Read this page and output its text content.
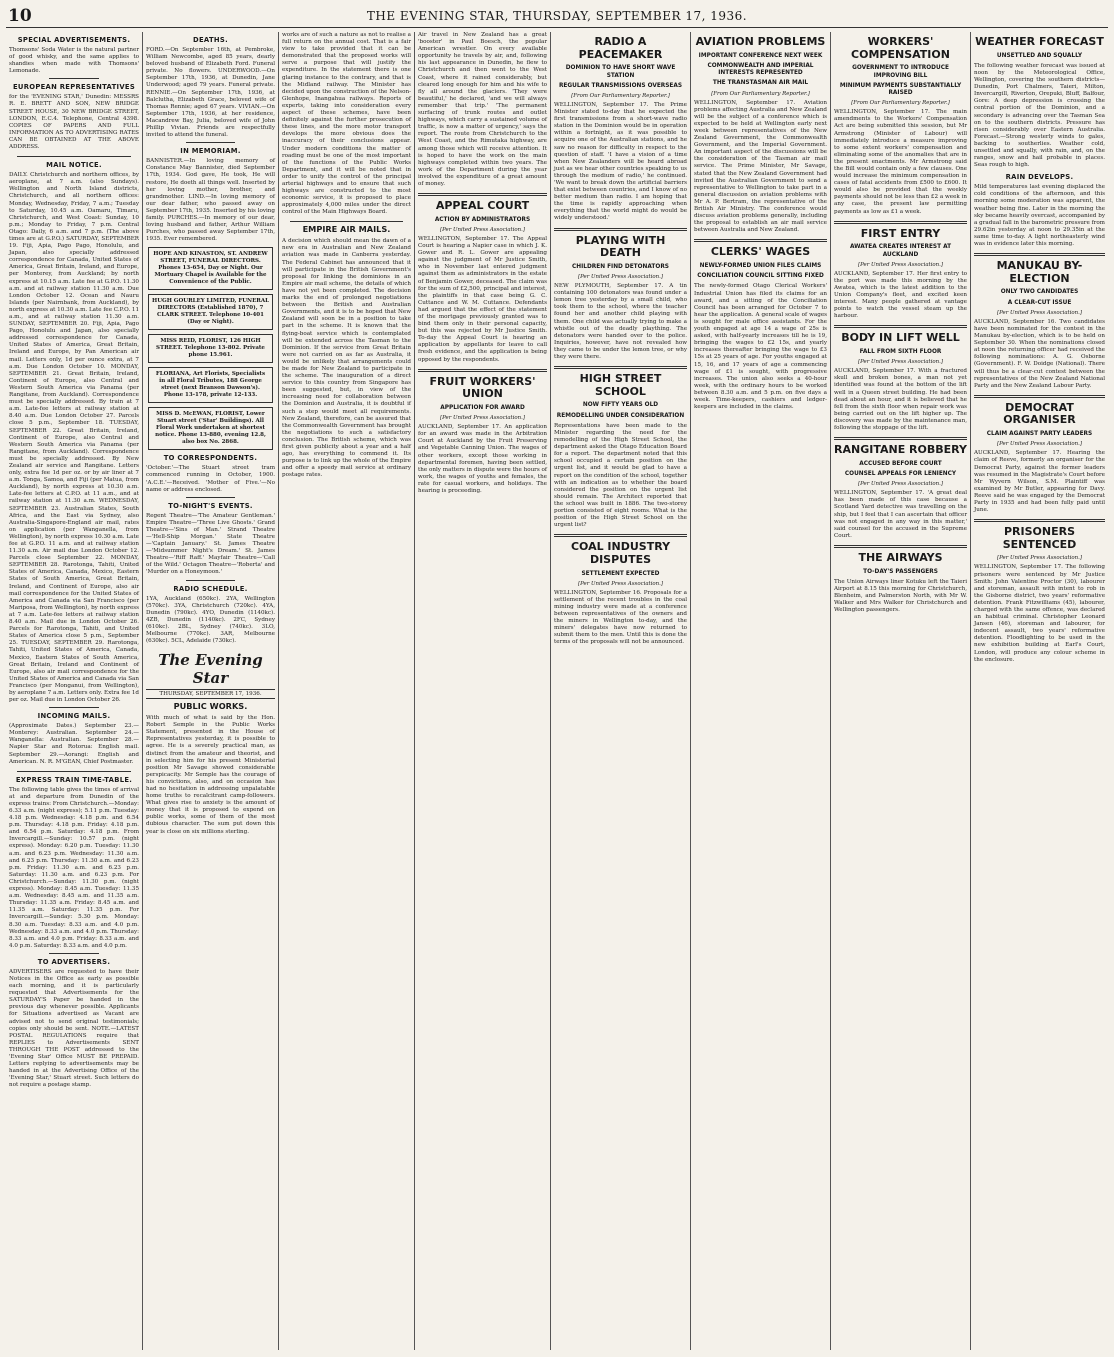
10	THE EVENING STAR, THURSDAY, SEPTEMBER 17, 1936.
SPECIAL ADVERTISEMENTS.
Thomsons' Soda Water is the natural partner of good whisky, and the same applies to shandies when made with Thomsons' Lemonade.
EUROPEAN REPRESENTATIVES
for the 'EVENING STAR,' Dunedin: MESSRS R. E. BRETT AND SON, NEW BRIDGE STREET HOUSE, 30 NEW BRIDGE STREET, LONDON, E.C.4. Telephone, Central 4398. COPIES OF PAPERS AND FULL INFORMATION AS TO ADVERTISING RATES CAN BE OBTAINED AT THE ABOVE ADDRESS.
MAIL NOTICE.
DAILY. Christchurch and northern offices, by aeroplane, at 7 a.m. (also Sundays). Wellington and North Island districts, Christchurch, and all northern offices: Monday, Wednesday, Friday, 7 a.m.; Tuesday to Saturday, 10.45 a.m. Oamaru, Timaru, Christchurch, and West Coast: Sunday, 10 p.m.; Monday to Friday, 7 p.m. Central Otago: Daily, 6 a.m. and 7 p.m. (The above times are at G.P.O.) SATURDAY, SEPTEMBER 19. Fiji, Apia, Pago Pago, Honolulu, and Japan, also specially addressed correspondence for Canada, United States of America, Great Britain, Ireland, and Europe, per Monterey, from Auckland; by north express at 10.15 a.m. Late fee at G.P.O. 11.30 a.m. and at railway station 11.30 a.m. Due London October 12. Ocean and Nauru Islands (per Nairnbank, from Auckland), by north express at 10.30 a.m. Late fee C.P.O. 11 a.m., and at railway station 11.30 a.m. SUNDAY, SEPTEMBER 20. Fiji, Apia, Pago Pago, Honolulu and Japan, also specially addressed correspondence for Canada, United States of America, Great Britain, Ireland and Europe, by Pan American air mail. Letters only, 1d per ounce extra, at 7 a.m. Due London October 10. MONDAY, SEPTEMBER 21. Great Britain, Ireland, Continent of Europe, also Central and Western South America via Panama (per Rangitane, from Auckland). Correspondence must be specially addressed. By train at 7 a.m. Late-fee letters at railway station at 8.40 a.m. Due London October 27. Parcels close 5 p.m., September 18. TUESDAY, SEPTEMBER 22. Great Britain, Ireland, Continent of Europe, also Central and Western South America via Panama (per Rangitane, from Auckland). Correspondence must be specially addressed. By New Zealand air service and Rangitane. Letters only, extra fee 1d per oz. or by air liner at 7 a.m. Tonga, Samoa, and Fiji (per Matua, from Auckland), by north express at 10.30 a.m. Late-fee letters at C.P.O. at 11 a.m., and at railway station at 11.30 a.m. WEDNESDAY, SEPTEMBER 23. Australian States, South Africa, and the East via Sydney, also Australia-Singapore-England air mail, rates on application (per Wanganella, from Wellington), by north express 10.30 a.m. Late fee at G.P.O. 11 a.m. and at railway station 11.30 a.m. Air mail due London October 12. Parcels close September 22. MONDAY, SEPTEMBER 28. Rarotonga, Tahiti, United States of America, Canada, Mexico, Eastern States of South America, Great Britain, Ireland, and Continent of Europe, also air mail correspondence for the United States of America and Canada via San Francisco (per Mariposa, from Wellington), by north express at 7 a.m. Late-fee letters at railway station 8.40 a.m. Mail due in London October 26. Parcels for Rarotonga, Tahiti, and United States of America close 5 p.m., September 25. TUESDAY, SEPTEMBER 29. Rarotonga, Tahiti, United States of America, Canada, Mexico, Eastern States of South America, Great Britain, Ireland and Continent of Europe, also air mail correspondence for the United States of America and Canada via San Francisco (per Monganui, from Wellington), by aeroplane 7 a.m. Letters only. Extra fee 1d per oz. Mail due in London October 26.
INCOMING MAILS.
(Approximate Dates.) September 23.—Monterey: Australian. September 24.—Wanganella: Australian. September 28.—Napier Star and Rotorua: English mail. September 29.—Aorangi: English and American. N. R. M'GEAN, Chief Postmaster.
EXPRESS TRAIN TIME-TABLE.
The following table gives the times of arrival at and departure from Dunedin of the express trains: From Christchurch.—Monday: 6.33 a.m. (night express); 5.11 p.m. Tuesday: 4.18 p.m. Wednesday: 4.18 p.m. and 6.54 p.m. Thursday: 4.18 p.m. Friday: 4.18 p.m. and 6.54 p.m. Saturday: 4.18 p.m. From Invercargill.—Sunday: 10.57 p.m. (night express). Monday: 6.20 p.m. Tuesday: 11.30 a.m. and 6.23 p.m. Wednesday: 11.30 a.m. and 6.23 p.m. Thursday: 11.30 a.m. and 6.23 p.m. Friday: 11.30 a.m. and 6.23 p.m. Saturday: 11.30 a.m. and 6.23 p.m. For Christchurch.—Sunday: 11.30 p.m. (night express). Monday: 8.45 a.m. Tuesday: 11.35 a.m. Wednesday: 8.45 a.m. and 11.35 a.m. Thursday: 11.35 a.m. Friday: 8.45 a.m. and 11.35 a.m. Saturday: 11.35 p.m. For Invercargill.—Sunday: 5.30 p.m. Monday: 8.30 a.m. Tuesday: 8.33 a.m. and 4.0 p.m. Wednesday: 8.33 a.m. and 4.0 p.m. Thursday: 8.33 a.m. and 4.0 p.m. Friday: 8.33 a.m. and 4.0 p.m. Saturday: 8.33 a.m. and 4.0 p.m.
TO ADVERTISERS.
ADVERTISERS are requested to have their Notices in the Office as early as possible each morning, and it is particularly requested that Advertisements for the SATURDAY'S Paper be handed in the previous day whenever possible. Applicants for Situations advertised as Vacant are advised not to send original testimonials; copies only should be sent. NOTE.—LATEST POSTAL REGULATIONS require that REPLIES to Advertisements SENT THROUGH THE POST addressed to the 'Evening Star' Office MUST BE PREPAID. Letters replying to advertisements may be handed in at the Advertising Office of the 'Evening Star,' Stuart street. Such letters do not require a postage stamp.
DEATHS.
FORD.—On September 16th, at Pembroke, William Newcombe, aged 85 years, dearly beloved husband of Elizabeth Ford. Funeral private. No flowers. UNDERWOOD.—On September 17th, 1936, at Dunedin, Jane Underwood; aged 79 years. Funeral private. RENNIE.—On September 17th, 1936, at Balclutha, Elizabeth Grace, beloved wife of Thomas Rennie; aged 67 years. VIVIAN.—On September 17th, 1936, at her residence, Macandrew Bay, Julia, beloved wife of John Phillip Vivian. Friends are respectfully invited to attend the funeral.
IN MEMORIAM.
BANNISTER.—In loving memory of Constance May Bannister, died September 17th, 1934. God gave, He took, He will restore, He doeth all things well. Inserted by her loving mother, brother, and grandmother. LIND.—In loving memory of our dear father, who passed away on September 17th, 1935. Inserted by his loving family. PURCHES.—In memory of our dear, loving husband and father, Arthur William Purches, who passed away September 17th, 1935. Ever remembered.
HOPE AND KINASTON, ST. ANDREW STREET, FUNERAL DIRECTORS. Phones 13-654, Day or Night. Our Mortuary Chapel is Available for the Convenience of the Public.
HUGH GOURLEY LIMITED, FUNERAL DIRECTORS (Established 1870), 7 CLARK STREET. Telephone 10-401 (Day or Night).
MISS REID, FLORIST, 126 HIGH STREET. Telephone 13-802. Private phone 15.961.
FLORIANA, Art Florists, Specialists in all Floral Tributes, 188 George street (next Branson Dawson's). Phone 13-178, private 12-133.
MISS D. McEWAN, FLORIST, Lower Stuart street ('Star' Buildings). All Floral Work undertaken at shortest notice. Phone 13-880, evening 12.8, also box No. 2868.
TO CORRESPONDENTS.
'October.'—The Stuart street tram commenced running in October, 1900. 'A.C.E.'—Received. 'Mother of Five.'—No name or address enclosed.
TO-NIGHT'S EVENTS.
Regent Theatre—'The Amateur Gentleman.' Empire Theatre—'Three Live Ghosts.' Grand Theatre—'Sins of Man.' Strand Theatre—'Hell-Ship Morgan.' State Theatre—'Captain January.' St. James Theatre—'Midsummer Night's Dream.' St. James Theatre—'Riff Raff.' Mayfair Theatre—'Call of the Wild.' Octagon Theatre—'Roberta' and 'Murder on a Honeymoon.'
RADIO SCHEDULE.
1YA, Auckland (650kc). 2YA, Wellington (570kc). 3YA, Christchurch (720kc). 4YA, Dunedin (790kc). 4YO, Dunedin (1140kc). 4ZB, Dunedin (1140kc). 2FC, Sydney (610kc). 2BL, Sydney (740kc). 3LO, Melbourne (770kc). 3AR, Melbourne (630kc). 5CL, Adelaide (730kc).
The Evening Star
THURSDAY, SEPTEMBER 17, 1936.
PUBLIC WORKS.
With much of what is said by the Hon. Robert Semple in the Public Works Statement, presented in the House of Representatives yesterday, it is possible to agree. He is a severely practical man, as distinct from the amateur and theorist, and in selecting him for his present Ministerial position Mr Savage showed considerable perspicacity. Mr Semple has the courage of his convictions, also, and on occasion has had no hesitation in addressing unpalatable home truths to recalcitrant camp-followers. What gives rise to anxiety is the amount of money that it is proposed to expend on public works, some of them of the most dubious character. The sum put down this year is close on six millions sterling.
works are of such a nature as not to realise a full return on the annual cost. That is a fair view to take provided that it can be demonstrated that the proposed works will serve a purpose that will justify the expenditure. In the statement there is one glaring instance to the contrary, and that is the Midland railway. The Minister has decided upon the construction of the Nelson-Glenhope, Inangahua railways. Reports of experts, taking into consideration every aspect of these schemes, have been definitely against the further prosecution of these lines, and the more motor transport develops the more obvious does the inaccuracy of their conclusions appear. Under modern conditions the matter of roading must be one of the most important of the functions of the Public Works Department, and it will be noted that in order to unify the control of the principal arterial highways and to ensure that such highways are constructed to the most economic service, it is proposed to place approximately 4,000 miles under the direct control of the Main Highways Board.
EMPIRE AIR MAILS.
A decision which should mean the dawn of a new era in Australian and New Zealand aviation was made in Canberra yesterday. The Federal Cabinet has announced that it will participate in the British Government's proposal for linking the dominions in an Empire air mail scheme, the details of which have not yet been completed. The decision marks the end of prolonged negotiations between the British and Australian Governments, and it is to be hoped that New Zealand will soon be in a position to take part in the scheme. It is known that the flying-boat service which is contemplated will be extended across the Tasman to the Dominion. If the service from Great Britain were not carried on as far as Australia, it would be unlikely that arrangements could be made for New Zealand to participate in the scheme. The inauguration of a direct service to this country from Singapore has been suggested, but, in view of the increasing need for collaboration between the Dominion and Australia, it is doubtful if such a step would meet all requirements. New Zealand, therefore, can be assured that the Commonwealth Government has brought the negotiations to such a satisfactory conclusion. The British scheme, which was first given publicity about a year and a half ago, has everything to commend it. Its purpose is to link up the whole of the Empire and offer a speedy mail service at ordinary postage rates.
Air travel in New Zealand has a great 'booster' in Paul Boesch, the popular American wrestler. On every available opportunity he travels by air, and, following his last appearance in Dunedin, he flew to Christchurch and then went to the West Coast, where it rained considerably, but cleared long enough for him and his wife to fly all around the glaciers. 'They were beautiful,' he declared, 'and we will always remember that trip.' 'The permanent surfacing of trunk routes and outlet highways, which carry a sustained volume of traffic, is now a matter of urgency,' says the report. The route from Christchurch to the West Coast, and the Rimutaka highway, are among those which will receive attention. It is hoped to have the work on the main highways completed within two years. The work of the Department during the year involved the expenditure of a great amount of money.
APPEAL COURT
ACTION BY ADMINISTRATORS
[Per United Press Association.]
WELLINGTON, September 17. The Appeal Court is hearing a Napier case in which J. K. Gower and R. L. Gower are appealing against the judgment of Mr Justice Smith, who in November last entered judgment against them as administrators in the estate of Benjamin Gower, deceased. The claim was for the sum of £2,500, principal and interest, the plaintiffs in that case being G. C. Cuttance and W. M. Cuttance. Defendants had argued that the effect of the statement of the mortgage previously granted was to bind them only in their personal capacity, but this was rejected by Mr Justice Smith. To-day the Appeal Court is hearing an application by appellants for leave to call fresh evidence, and the application is being opposed by the respondents.
FRUIT WORKERS' UNION
APPLICATION FOR AWARD
[Per United Press Association.]
AUCKLAND, September 17. An application for an award was made in the Arbitration Court at Auckland by the Fruit Preserving and Vegetable Canning Union. The wages of other workers, except those working in departmental foremen, having been settled, the only matters in dispute were the hours of work, the wages of youths and females, the rate for casual workers, and holidays. The hearing is proceeding.
RADIO A PEACEMAKER
DOMINION TO HAVE SHORT WAVE STATION
REGULAR TRANSMISSIONS OVERSEAS
[From Our Parliamentary Reporter.]
WELLINGTON, September 17. The Prime Minister stated to-day that he expected the first transmissions from a short-wave radio station in the Dominion would be in operation within a fortnight, as it was possible to acquire one of the Australian stations, and he saw no reason for difficulty in respect to the question of staff. 'I have a vision of a time when New Zealanders will be heard abroad just as we hear other countries speaking to us through the medium of radio,' he continued. 'We want to break down the artificial barriers that exist between countries, and I know of no better medium than radio. I am hoping that the time is rapidly approaching when everything that the world might do would be widely understood.'
PLAYING WITH DEATH
CHILDREN FIND DETONATORS
[Per United Press Association.]
NEW PLYMOUTH, September 17. A tin containing 100 detonators was found under a lemon tree yesterday by a small child, who took them to the school, where the teacher found her and another child playing with them. One child was actually trying to make a whistle out of the deadly plaything. The detonators were handed over to the police. Inquiries, however, have not revealed how they came to be under the lemon tree, or why they were there.
HIGH STREET SCHOOL
NOW FIFTY YEARS OLD
REMODELLING UNDER CONSIDERATION
Representations have been made to the Minister regarding the need for the remodelling of the High Street School, the department asked the Otago Education Board for a report. The department noted that this school occupied a certain position on the urgent list, and it would be glad to have a report on the condition of the school, together with an indication as to whether the board considered the position on the urgent list should remain. The Architect reported that the school was built in 1886. The two-storey portion consisted of eight rooms. What is the position of the High Street School on the urgent list?
COAL INDUSTRY DISPUTES
SETTLEMENT EXPECTED
[Per United Press Association.]
WELLINGTON, September 16. Proposals for a settlement of the recent troubles in the coal mining industry were made at a conference between representatives of the owners and the miners in Wellington to-day, and the miners' delegates have now returned to submit them to the men. Until this is done the terms of the proposals will not be announced.
AVIATION PROBLEMS
IMPORTANT CONFERENCE NEXT WEEK
COMMONWEALTH AND IMPERIAL INTERESTS REPRESENTED
THE TRANSTASMAN AIR MAIL
[From Our Parliamentary Reporter.]
WELLINGTON, September 17. Aviation problems affecting Australia and New Zealand will be the subject of a conference which is expected to be held at Wellington early next week between representatives of the New Zealand Government, the Commonwealth Government, and the Imperial Government. An important aspect of the discussions will be the consideration of the Tasman air mail service. The Prime Minister, Mr Savage, stated that the New Zealand Government had invited the Australian Government to send a representative to Wellington to take part in a general discussion on aviation problems with Mr A. P. Bertram, the representative of the British Air Ministry. The conference would discuss aviation problems generally, including the proposal to establish an air mail service between Australia and New Zealand.
CLERKS' WAGES
NEWLY-FORMED UNION FILES CLAIMS
CONCILIATION COUNCIL SITTING FIXED
The newly-formed Otago Clerical Workers' Industrial Union has filed its claims for an award, and a sitting of the Conciliation Council has been arranged for October 7 to hear the application. A general scale of wages is sought for male office assistants. For the youth engaged at age 14 a wage of 25s is asked, with half-yearly increases till he is 19, bringing the wages to £2 15s, and yearly increases thereafter bringing the wage to £3 15s at 25 years of age. For youths engaged at 15, 16, and 17 years of age a commencing wage of £1 is sought, with progressive increases. The union also seeks a 40-hour week, with the ordinary hours to be worked between 8.30 a.m. and 5 p.m. on five days a week. Time-keepers, cashiers and ledger-keepers are included in the claims.
WORKERS' COMPENSATION
GOVERNMENT TO INTRODUCE IMPROVING BILL
MINIMUM PAYMENTS SUBSTANTIALLY RAISED
[From Our Parliamentary Reporter.]
WELLINGTON, September 17. The main amendments to the Workers' Compensation Act are being submitted this session, but Mr Armstrong (Minister of Labour) will immediately introduce a measure improving to some extent workers' compensation and eliminating some of the anomalies that are in the present enactments. Mr Armstrong said the Bill would contain only a few clauses. One would increase the minimum compensation in cases of fatal accidents from £500 to £600. It would also be provided that the weekly payments should not be less than £2 a week in any case, the present law permitting payments as low as £1 a week.
FIRST ENTRY
AWATEA CREATES INTEREST AT AUCKLAND
[Per United Press Association.]
AUCKLAND, September 17. Her first entry to the port was made this morning by the Awatea, which is the latest addition to the Union Company's fleet, and excited keen interest. Many people gathered at vantage points to watch the vessel steam up the harbour.
BODY IN LIFT WELL
FALL FROM SIXTH FLOOR
[Per United Press Association.]
AUCKLAND, September 17. With a fractured skull and broken bones, a man not yet identified was found at the bottom of the lift well in a Queen street building. He had been dead about an hour, and it is believed that he fell from the sixth floor when repair work was being carried out on the lift higher up. The discovery was made by the maintenance man, following the stoppage of the lift.
RANGITANE ROBBERY
ACCUSED BEFORE COURT
COUNSEL APPEALS FOR LENIENCY
[Per United Press Association.]
WELLINGTON, September 17. 'A great deal has been made of this case because a Scotland Yard detective was travelling on the ship, but I feel that I can ascertain that officer was not engaged in any way in this matter,' said counsel for the accused in the Supreme Court.
THE AIRWAYS
TO-DAY'S PASSENGERS
The Union Airways liner Kotuku left the Taieri Airport at 8.15 this morning for Christchurch, Blenheim, and Palmerston North, with Mr W. Walker and Mrs Walker for Christchurch and Wellington passengers.
WEATHER FORECAST
UNSETTLED AND SQUALLY
The following weather forecast was issued at noon by the Meteorological Office, Wellington, covering the southern districts—Dunedin, Port Chalmers, Taieri, Milton, Invercargill, Riverton, Orepuki, Bluff, Balfour, Gore: A deep depression is crossing the central portion of the Dominion, and a secondary is advancing over the Tasman Sea on to the southern districts. Pressure has risen considerably over Eastern Australia. Forecast.—Strong westerly winds to gales, backing to southerlies. Weather cold, unsettled and squally, with rain, and, on the ranges, snow and hail probable in places. Seas rough to high.
RAIN DEVELOPS.
Mild temperatures last evening displaced the cold conditions of the afternoon, and this morning some moderation was apparent, the weather being fine. Later in the morning the sky became heavily overcast, accompanied by a gradual fall in the barometric pressure from 29.62in yesterday at noon to 29.35in at the same time to-day. A light northeasterly wind was in evidence later this morning.
MANUKAU BY-ELECTION
ONLY TWO CANDIDATES
A CLEAR-CUT ISSUE
[Per United Press Association.]
AUCKLAND, September 16. Two candidates have been nominated for the contest in the Manukau by-election, which is to be held on September 30. When the nominations closed at noon the returning officer had received the following nominations: A. G. Osborne (Government). F. W. Doidge (National). There will thus be a clear-cut contest between the representatives of the New Zealand National Party and the New Zealand Labour Party.
DEMOCRAT ORGANISER
CLAIM AGAINST PARTY LEADERS
[Per United Press Association.]
AUCKLAND, September 17. Hearing the claim of Reeve, formerly an organiser for the Democrat Party, against the former leaders was resumed in the Magistrate's Court before Mr Wyvern Wilson, S.M. Plaintiff was examined by Mr Butler, appearing for Davy. Reeve said he was engaged by the Democrat Party in 1935 and had been fully paid until June.
PRISONERS SENTENCED
[Per United Press Association.]
WELLINGTON, September 17. The following prisoners were sentenced by Mr Justice Smith: John Valentine Proctor (30), labourer and storeman, assault with intent to rob in the Gisborne district, two years' reformative detention. Frank Fitzwilliams (45), labourer, charged with the same offence, was declared an habitual criminal. Christopher Leonard Jansen (46), storeman and labourer, for indecent assault, two years' reformative detention. Floodlighting to be used in the new exhibition building at Earl's Court, London, will produce any colour scheme in the enclosure.
